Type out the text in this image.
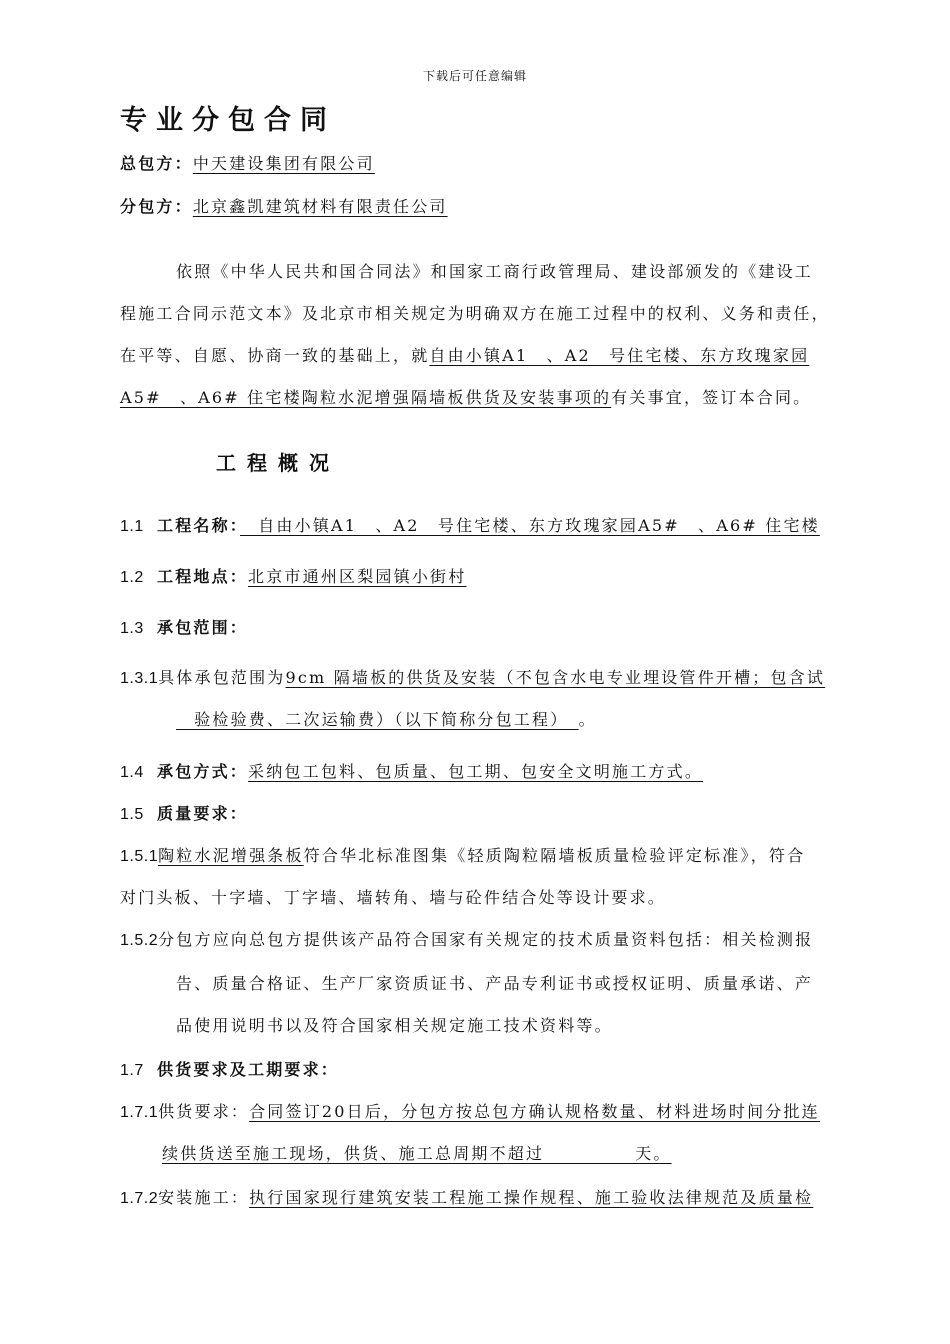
下载后可任意编辑
专业分包合同
总包方：中天建设集团有限公司
分包方：北京鑫凯建筑材料有限责任公司
依照《中华人民共和国合同法》和国家工商行政管理局、建设部颁发的《建设工
程施工合同示范文本》及北京市相关规定为明确双方在施工过程中的权利、义务和责任，
在平等、自愿、协商一致的基础上，就自由小镇A1　、A2　号住宅楼、东方玫瑰家园
A5#　、A6# 住宅楼陶粒水泥增强隔墙板供货及安装事项的有关事宜，签订本合同。
工程概况
1.1 工程名称：　自由小镇A1　、A2　号住宅楼、东方玫瑰家园A5#　、A6# 住宅楼
1.2 工程地点：北京市通州区梨园镇小街村
1.3 承包范围：
1.3.1具体承包范围为9cm 隔墙板的供货及安装（不包含水电专业埋设管件开槽；包含试
　验检验费、二次运输费）（以下简称分包工程）　。
1.4 承包方式：采纳包工包料、包质量、包工期、包安全文明施工方式。
1.5 质量要求：
1.5.1陶粒水泥增强条板符合华北标准图集《轻质陶粒隔墙板质量检验评定标准》，符合
对门头板、十字墙、丁字墙、墙转角、墙与砼件结合处等设计要求。
1.5.2分包方应向总包方提供该产品符合国家有关规定的技术质量资料包括：相关检测报
告、质量合格证、生产厂家资质证书、产品专利证书或授权证明、质量承诺、产
品使用说明书以及符合国家相关规定施工技术资料等。
1.7 供货要求及工期要求：
1.7.1供货要求：合同签订20日后，分包方按总包方确认规格数量、材料进场时间分批连
续供货送至施工现场，供货、施工总周期不超过　　　　　天。
1.7.2安装施工：执行国家现行建筑安装工程施工操作规程、施工验收法律规范及质量检
